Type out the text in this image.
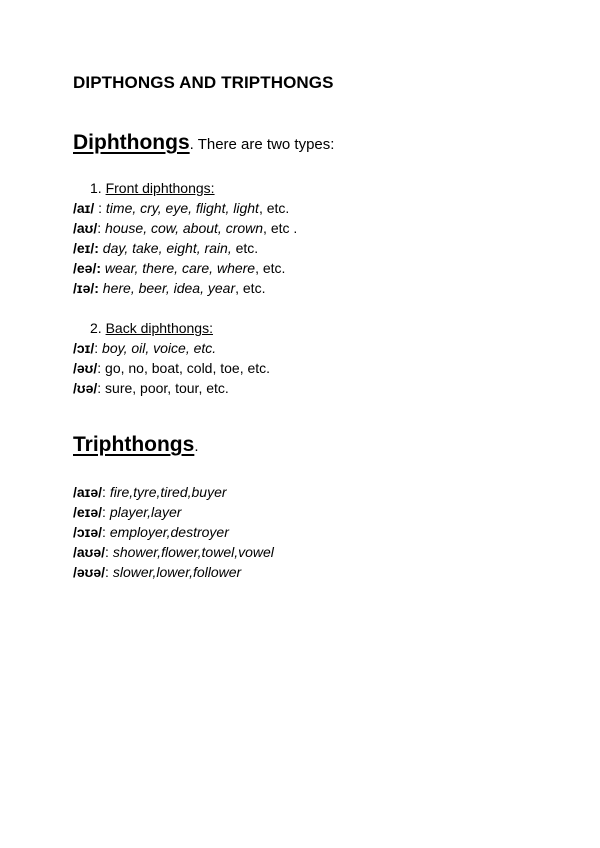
DIPTHONGS AND TRIPTHONGS

Diphthongs. There are two types:

1. Front diphthongs:

/aɪ/ : time, cry, eye, flight, light, etc.

/aʊ/: house, cow, about, crown, etc .

/eɪ/: day, take, eight, rain, etc.

/eə/: wear, there, care, where, etc.

/ɪə/: here, beer, idea, year, etc.

2. Back diphthongs:

/ɔɪ/: boy, oil, voice, etc.

/əʊ/: go, no, boat, cold, toe, etc.

/ʊə/: sure, poor, tour, etc.

Triphthongs.

/aɪə/: fire,tyre,tired,buyer

/eɪə/: player,layer

/ɔɪə/: employer,destroyer

/aʊə/: shower,flower,towel,vowel

/əʊə/: slower,lower,follower
